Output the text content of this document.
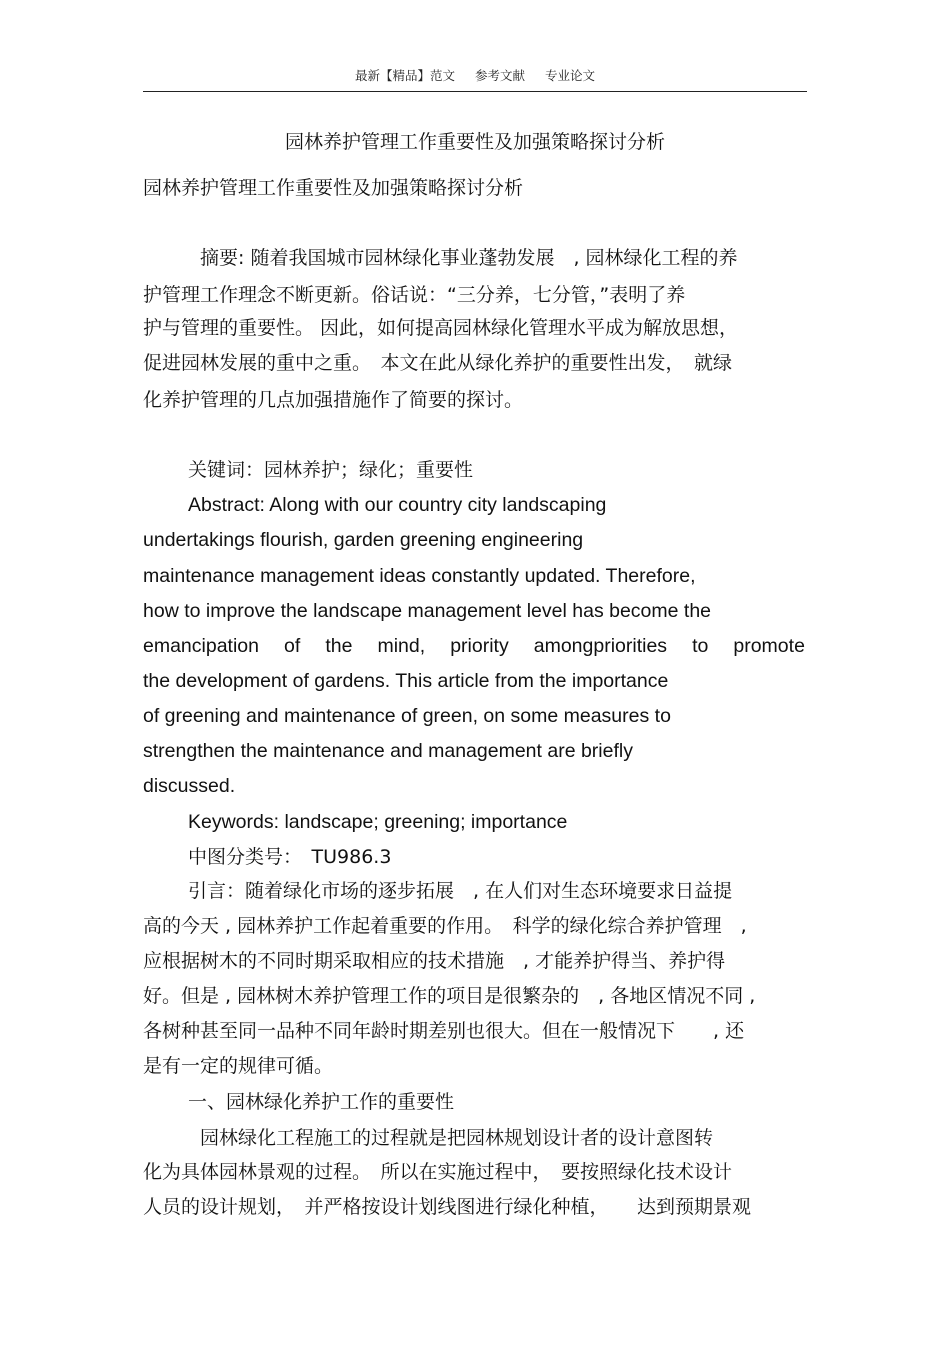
最新【精品】范文 参考文献 专业论文
园林养护管理工作重要性及加强策略探讨分析
园林养护管理工作重要性及加强策略探讨分析
摘要: 随着我国城市园林绿化事业蓬勃发展　, 园林绿化工程的养
护管理工作理念不断更新。俗话说：“三分养，七分管，”表明了养
护与管理的重要性。 因此，如何提高园林绿化管理水平成为解放思想，
促进园林发展的重中之重。　本文在此从绿化养护的重要性出发，　就绿
化养护管理的几点加强措施作了简要的探讨。
关键词：园林养护；绿化；重要性
Abstract: Along with our country city landscaping
undertakings flourish, garden greening engineering
maintenance management ideas constantly updated. Therefore,
how to improve the landscape management level has become the
emancipation of the mind, priority amongpriorities to promote
the development of gardens. This article from the importance
of greening and maintenance of green, on some measures to
strengthen the maintenance and management are briefly
discussed.
Keywords: landscape; greening; importance
中图分类号：　TU986.3
引言：随着绿化市场的逐步拓展　, 在人们对生态环境要求日益提
高的今天 , 园林养护工作起着重要的作用。　科学的绿化综合养护管理　,
应根据树木的不同时期采取相应的技术措施　, 才能养护得当、养护得
好。但是 , 园林树木养护管理工作的项目是很繁杂的　, 各地区情况不同 ,
各树种甚至同一品种不同年龄时期差别也很大。但在一般情况下　　, 还
是有一定的规律可循。
一、园林绿化养护工作的重要性
园林绿化工程施工的过程就是把园林规划设计者的设计意图转
化为具体园林景观的过程。　所以在实施过程中，　要按照绿化技术设计
人员的设计规划，　并严格按设计划线图进行绿化种植，　　达到预期景观
